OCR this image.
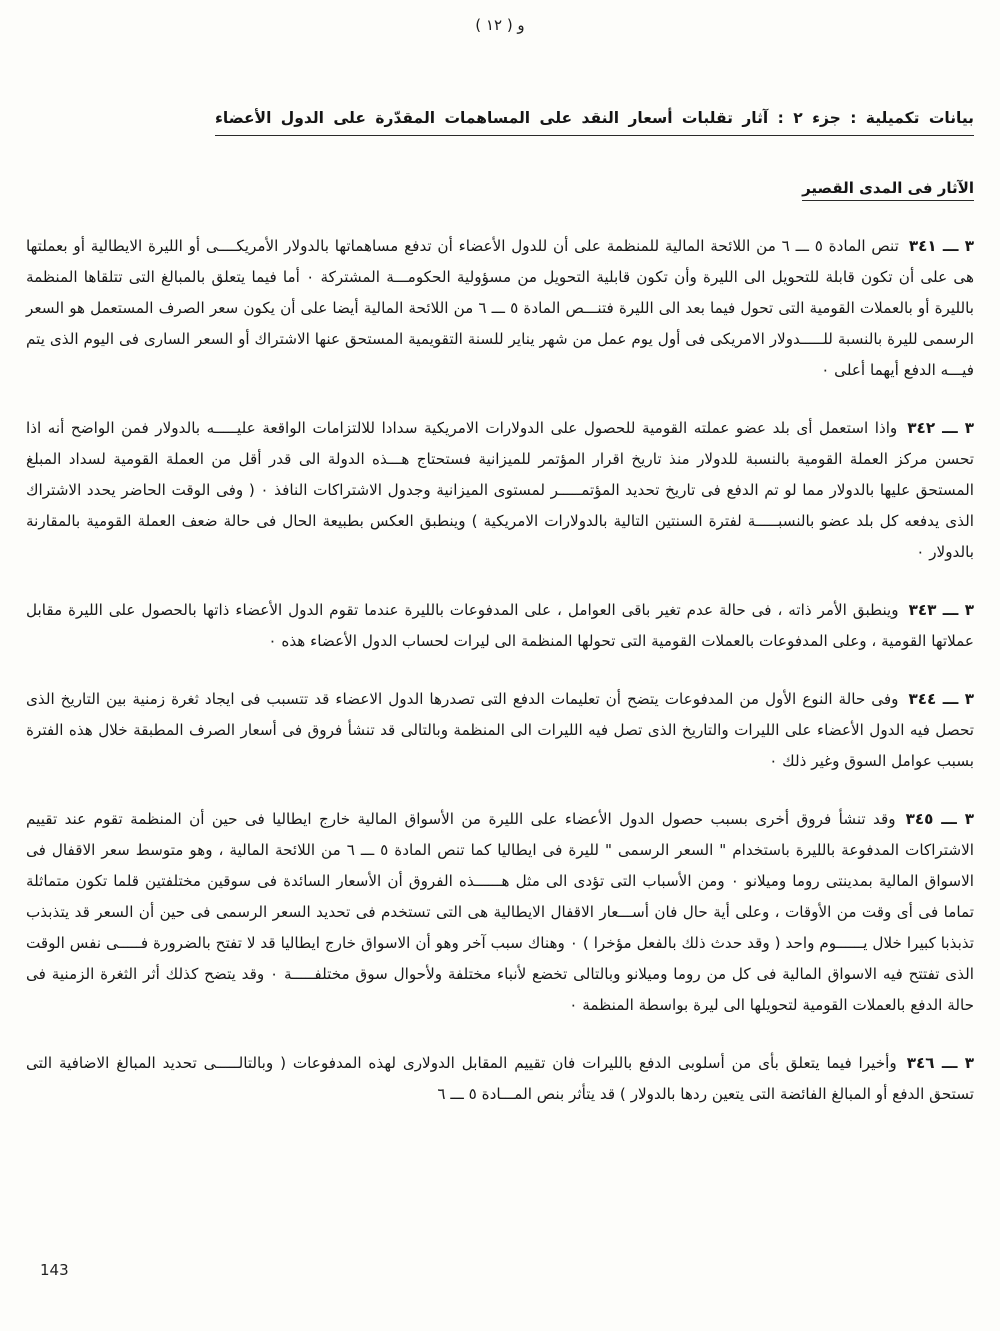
و ( ١٢ )
بيانات تكميلية : جزء ٢ : آثار تقلبات أسعار النقد على المساهمات المقدّرة على الدول الأعضاء
الآثار فى المدى القصير

٣ ـــ ٣٤١تنص المادة ٥ ـــ ٦ من اللائحة المالية للمنظمة على أن للدول الأعضاء أن تدفع مساهماتها بالدولار الأمريكــــى أو الليرة الايطالية أو بعملتها هى على أن تكون قابلة للتحويل الى الليرة وأن تكون قابلية التحويل من مسؤولية الحكومـــة المشتركة ٠ أما فيما يتعلق بالمبالغ التى تتلقاها المنظمة بالليرة أو بالعملات القومية التى تحول فيما بعد الى الليرة فتنـــص المادة ٥ ـــ ٦ من اللائحة المالية أيضا على أن يكون سعر الصرف المستعمل هو السعر الرسمى لليرة بالنسبة للـــــدولار الامريكى فى أول يوم عمل من شهر يناير للسنة التقويمية المستحق عنها الاشتراك أو السعر السارى فى اليوم الذى يتم فيـــه الدفع أيهما أعلى ٠

٣ ـــ ٣٤٢واذا استعمل أى بلد عضو عملته القومية للحصول على الدولارات الامريكية سدادا للالتزامات الواقعة عليـــــه بالدولار فمن الواضح أنه اذا تحسن مركز العملة القومية بالنسبة للدولار منذ تاريخ اقرار المؤتمر للميزانية فستحتاج هـــذه الدولة الى قدر أقل من العملة القومية لسداد المبلغ المستحق عليها بالدولار مما لو تم الدفع فى تاريخ تحديد المؤتمـــــر لمستوى الميزانية وجدول الاشتراكات النافذ ٠ ( وفى الوقت الحاضر يحدد الاشتراك الذى يدفعه كل بلد عضو بالنسبـــــة لفترة السنتين التالية بالدولارات الامريكية ) وينطبق العكس بطبيعة الحال فى حالة ضعف العملة القومية بالمقارنة بالدولار ٠

٣ ـــ ٣٤٣وينطبق الأمر ذاته ، فى حالة عدم تغير باقى العوامل ، على المدفوعات بالليرة عندما تقوم الدول الأعضاء ذاتها بالحصول على الليرة مقابل عملاتها القومية ، وعلى المدفوعات بالعملات القومية التى تحولها المنظمة الى ليرات لحساب الدول الأعضاء هذه ٠

٣ ـــ ٣٤٤وفى حالة النوع الأول من المدفوعات يتضح أن تعليمات الدفع التى تصدرها الدول الاعضاء قد تتسبب فى ايجاد ثغرة زمنية بين التاريخ الذى تحصل فيه الدول الأعضاء على الليرات والتاريخ الذى تصل فيه الليرات الى المنظمة وبالتالى قد تنشأ فروق فى أسعار الصرف المطبقة خلال هذه الفترة بسبب عوامل السوق وغير ذلك ٠

٣ ـــ ٣٤٥وقد تنشأ فروق أخرى بسبب حصول الدول الأعضاء على الليرة من الأسواق المالية خارج ايطاليا فى حين أن المنظمة تقوم عند تقييم الاشتراكات المدفوعة بالليرة باستخدام " السعر الرسمى " لليرة فى ايطاليا كما تنص المادة ٥ ـــ ٦ من اللائحة المالية ، وهو متوسط سعر الاقفال فى الاسواق المالية بمدينتى روما وميلانو ٠ ومن الأسباب التى تؤدى الى مثل هــــــذه الفروق أن الأسعار السائدة فى سوقين مختلفتين قلما تكون متماثلة تماما فى أى وقت من الأوقات ، وعلى أية حال فان أســـعار الاقفال الايطالية هى التى تستخدم فى تحديد السعر الرسمى فى حين أن السعر قد يتذبذب تذبذبا كبيرا خلال يــــــوم واحد ( وقد حدث ذلك بالفعل مؤخرا ) ٠ وهناك سبب آخر وهو أن الاسواق خارج ايطاليا قد لا تفتح بالضرورة فـــــى نفس الوقت الذى تفتتح فيه الاسواق المالية فى كل من روما وميلانو وبالتالى تخضع لأنباء مختلفة ولأحوال سوق مختلفـــــة ٠ وقد يتضح كذلك أثر الثغرة الزمنية فى حالة الدفع بالعملات القومية لتحويلها الى ليرة بواسطة المنظمة ٠

٣ ـــ ٣٤٦وأخيرا فيما يتعلق بأى من أسلوبى الدفع بالليرات فان تقييم المقابل الدولارى لهذه المدفوعات ( وبالتالـــــى تحديد المبالغ الاضافية التى تستحق الدفع أو المبالغ الفائضة التى يتعين ردها بالدولار ) قد يتأثر بنص المـــادة ٥ ـــ ٦

143
